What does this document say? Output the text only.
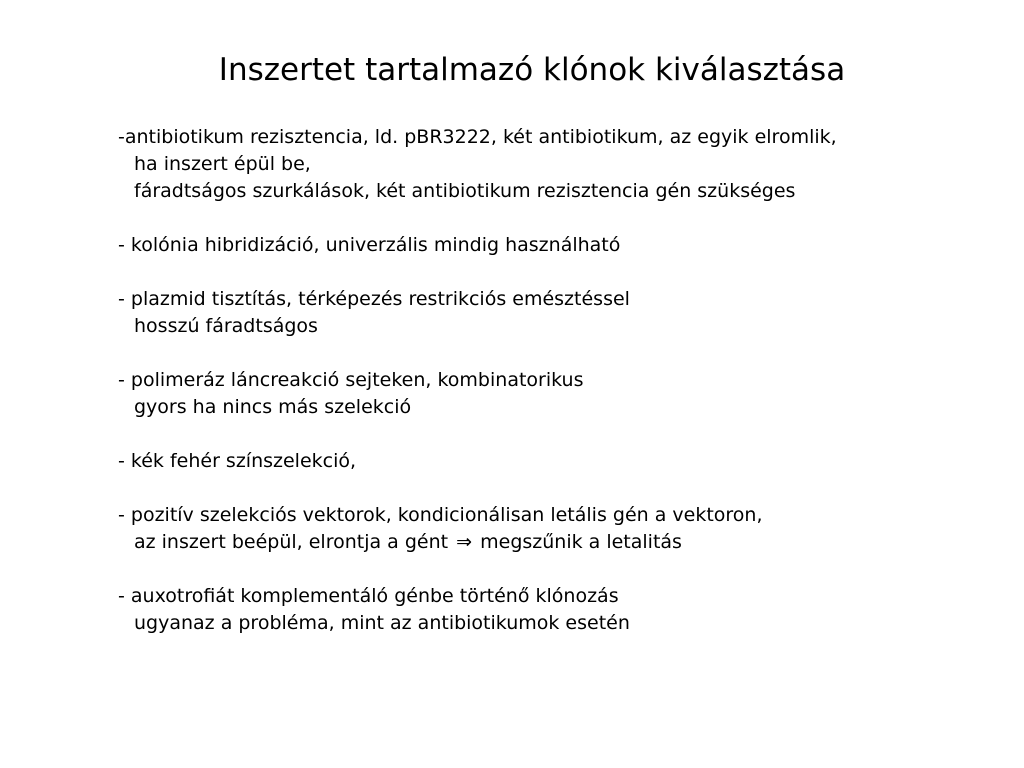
Inszertet tartalmazó klónok kiválasztása
-antibiotikum rezisztencia, ld. pBR3222, két antibiotikum, az egyik elromlik,
ha inszert épül be,
fáradtságos szurkálások, két antibiotikum rezisztencia gén szükséges
- kolónia hibridizáció, univerzális mindig használható
- plazmid tisztítás, térképezés restrikciós emésztéssel
hosszú fáradtságos
- polimeráz láncreakció sejteken, kombinatorikus
gyors ha nincs más szelekció
- kék fehér színszelekció,
- pozitív szelekciós vektorok, kondicionálisan letális gén a vektoron,
az inszert beépül, elrontja a gént ⇒ megszűnik a letalitás
- auxotrofiát komplementáló génbe történő klónozás
ugyanaz a probléma, mint az antibiotikumok esetén
